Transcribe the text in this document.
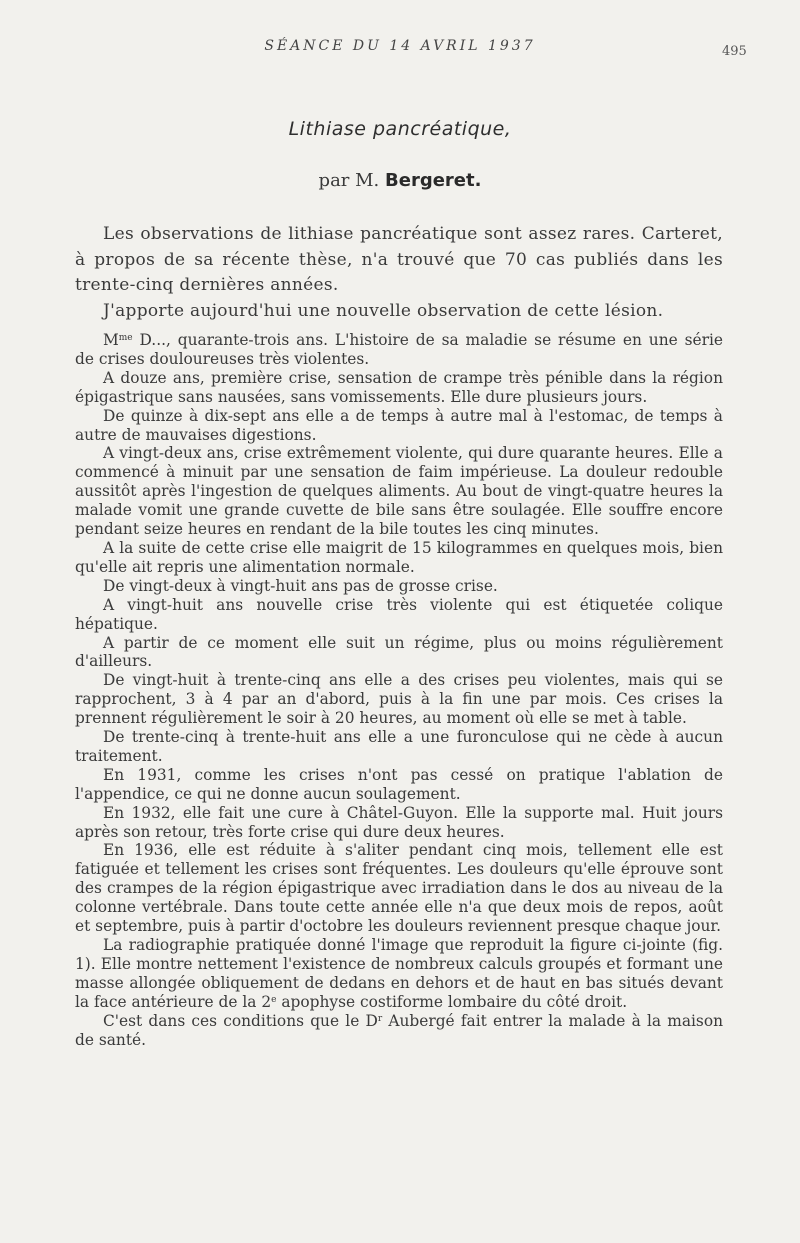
SÉANCE DU 14 AVRIL 1937	495
Lithiase pancréatique,
par M. Bergeret.

Les observations de lithiase pancréatique sont assez rares. Carteret, à propos de sa récente thèse, n'a trouvé que 70 cas publiés dans les trente-cinq dernières années.

J'apporte aujourd'hui une nouvelle observation de cette lésion.

$M^{me}$ D..., quarante-trois ans. L'histoire de sa maladie se résume en une série de crises douloureuses très violentes.

A douze ans, première crise, sensation de crampe très pénible dans la région épigastrique sans nausées, sans vomissements. Elle dure plusieurs jours.

De quinze à dix-sept ans elle a de temps à autre mal à l'estomac, de temps à autre de mauvaises digestions.

A vingt-deux ans, crise extrêmement violente, qui dure quarante heures. Elle a commencé à minuit par une sensation de faim impérieuse. La douleur redouble aussitôt après l'ingestion de quelques aliments. Au bout de vingt-quatre heures la malade vomit une grande cuvette de bile sans être soulagée. Elle souffre encore pendant seize heures en rendant de la bile toutes les cinq minutes.

A la suite de cette crise elle maigrit de 15 kilogrammes en quelques mois, bien qu'elle ait repris une alimentation normale.

De vingt-deux à vingt-huit ans pas de grosse crise.

A vingt-huit ans nouvelle crise très violente qui est étiquetée colique hépatique.

A partir de ce moment elle suit un régime, plus ou moins régulièrement d'ailleurs.

De vingt-huit à trente-cinq ans elle a des crises peu violentes, mais qui se rapprochent, 3 à 4 par an d'abord, puis à la fin une par mois. Ces crises la prennent régulièrement le soir à 20 heures, au moment où elle se met à table.

De trente-cinq à trente-huit ans elle a une furonculose qui ne cède à aucun traitement.

En 1931, comme les crises n'ont pas cessé on pratique l'ablation de l'appendice, ce qui ne donne aucun soulagement.

En 1932, elle fait une cure à Châtel-Guyon. Elle la supporte mal. Huit jours après son retour, très forte crise qui dure deux heures.

En 1936, elle est réduite à s'aliter pendant cinq mois, tellement elle est fatiguée et tellement les crises sont fréquentes. Les douleurs qu'elle éprouve sont des crampes de la région épigastrique avec irradiation dans le dos au niveau de la colonne vertébrale. Dans toute cette année elle n'a que deux mois de repos, août et septembre, puis à partir d'octobre les douleurs reviennent presque chaque jour.

La radiographie pratiquée donné l'image que reproduit la figure ci-jointe (fig. 1). Elle montre nettement l'existence de nombreux calculs groupés et formant une masse allongée obliquement de dedans en dehors et de haut en bas situés devant la face antérieure de la 2e apophyse costiforme lombaire du côté droit.

C'est dans ces conditions que le $D^r$ Aubergé fait entrer la malade à la maison de santé.
